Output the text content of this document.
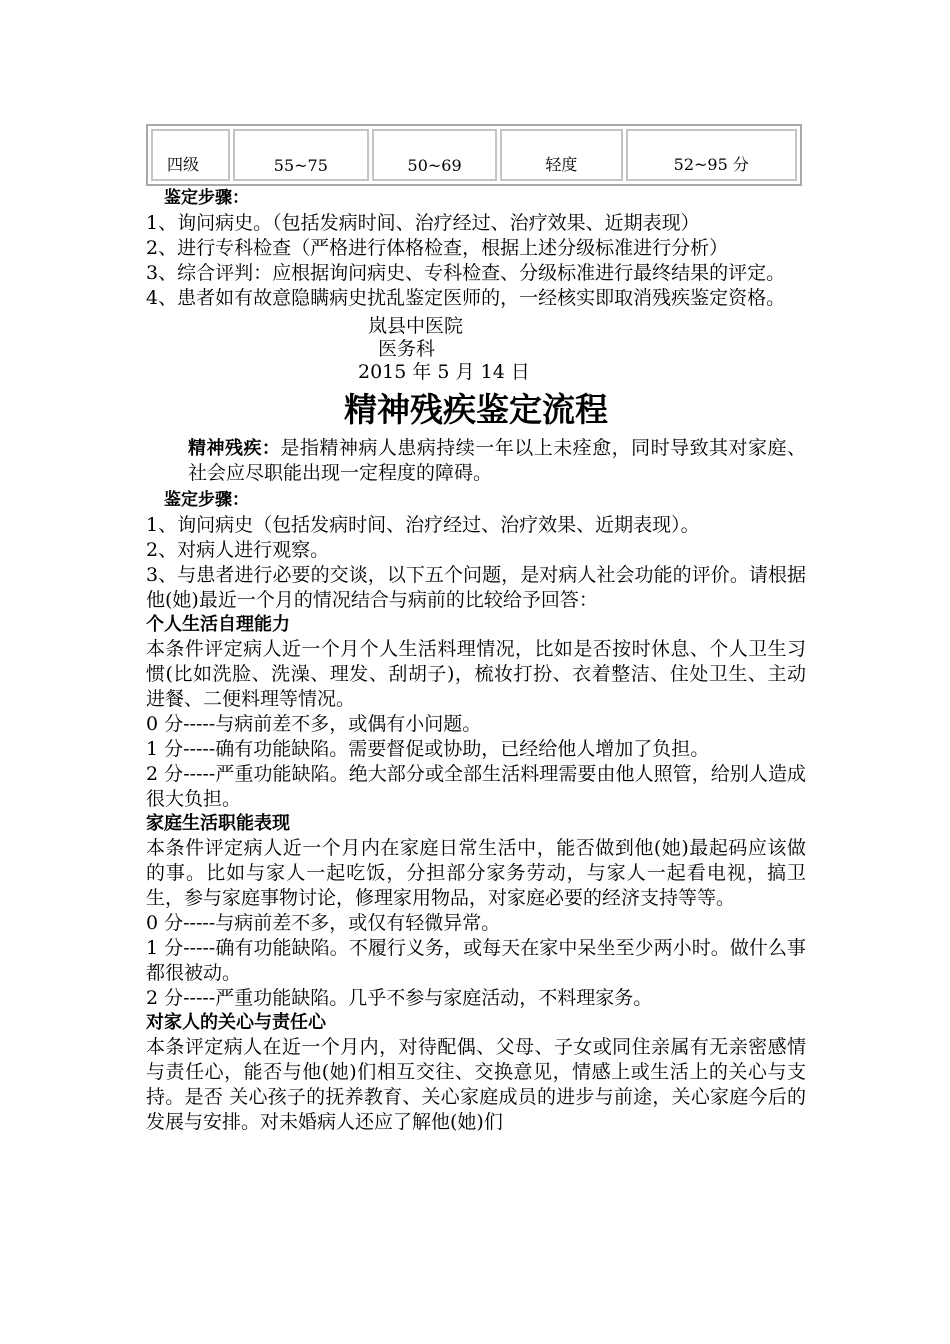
四级	55~75	50~69	轻度	52~95 分

鉴定步骤：

1、询问病史。（包括发病时间、治疗经过、治疗效果、近期表现）

2、进行专科检查（严格进行体格检查，根据上述分级标准进行分析）

3、综合评判：应根据询问病史、专科检查、分级标准进行最终结果的评定。

4、患者如有故意隐瞒病史扰乱鉴定医师的，一经核实即取消残疾鉴定资格。

岚县中医院

医务科

2015 年 5 月 14 日

精神残疾鉴定流程

精神残疾：是指精神病人患病持续一年以上未痊愈，同时导致其对家庭、社会应尽职能出现一定程度的障碍。

鉴定步骤：

1、询问病史（包括发病时间、治疗经过、治疗效果、近期表现）。

2、对病人进行观察。

3、与患者进行必要的交谈，以下五个问题，是对病人社会功能的评价。请根据他(她)最近一个月的情况结合与病前的比较给予回答：

个人生活自理能力

本条件评定病人近一个月个人生活料理情况，比如是否按时休息、个人卫生习惯(比如洗脸、洗澡、理发、刮胡子)，梳妆打扮、衣着整洁、住处卫生、主动进餐、二便料理等情况。

0 分-----与病前差不多，或偶有小问题。

1 分-----确有功能缺陷。需要督促或协助，已经给他人增加了负担。

2 分-----严重功能缺陷。绝大部分或全部生活料理需要由他人照管，给别人造成很大负担。

家庭生活职能表现

本条件评定病人近一个月内在家庭日常生活中，能否做到他(她)最起码应该做的事。比如与家人一起吃饭，分担部分家务劳动，与家人一起看电视，搞卫生，参与家庭事物讨论，修理家用物品，对家庭必要的经济支持等等。

0 分-----与病前差不多，或仅有轻微异常。

1 分-----确有功能缺陷。不履行义务，或每天在家中呆坐至少两小时。做什么事都很被动。

2 分-----严重功能缺陷。几乎不参与家庭活动，不料理家务。

对家人的关心与责任心

本条评定病人在近一个月内，对待配偶、父母、子女或同住亲属有无亲密感情与责任心，能否与他(她)们相互交往、交换意见，情感上或生活上的关心与支持。是否 关心孩子的抚养教育、关心家庭成员的进步与前途，关心家庭今后的发展与安排。对未婚病人还应了解他(她)们
